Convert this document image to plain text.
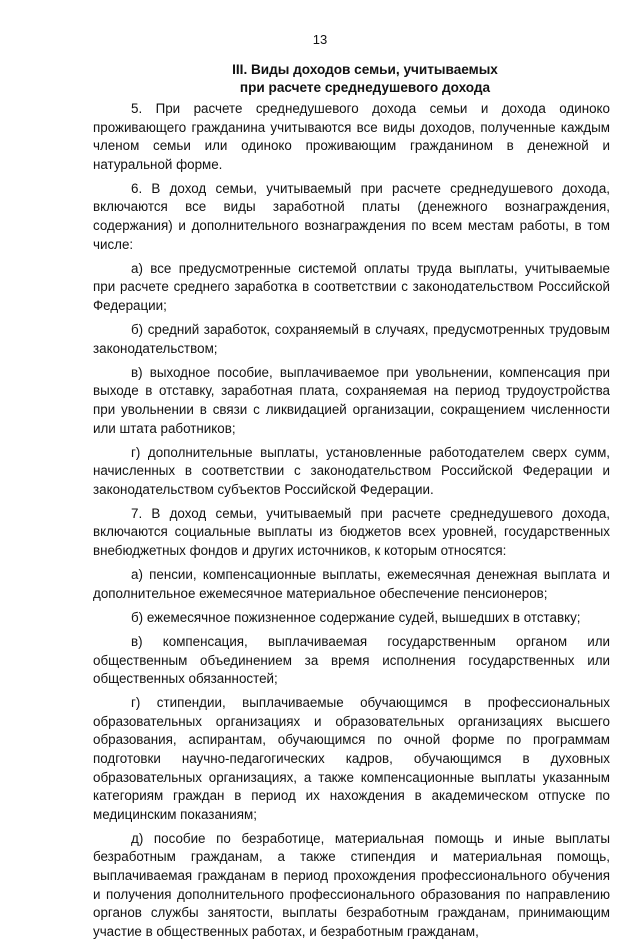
13
III. Виды доходов семьи, учитываемых
при расчете среднедушевого дохода

5. При расчете среднедушевого дохода семьи и дохода одиноко проживающего гражданина учитываются все виды доходов, полученные каждым членом семьи или одиноко проживающим гражданином в денежной и натуральной форме.

6. В доход семьи, учитываемый при расчете среднедушевого дохода, включаются все виды заработной платы (денежного вознаграждения, содержания) и дополнительного вознаграждения по всем местам работы, в том числе:

а) все предусмотренные системой оплаты труда выплаты, учитываемые при расчете среднего заработка в соответствии с законодательством Российской Федерации;

б) средний заработок, сохраняемый в случаях, предусмотренных трудовым законодательством;

в) выходное пособие, выплачиваемое при увольнении, компенсация при выходе в отставку, заработная плата, сохраняемая на период трудоустройства при увольнении в связи с ликвидацией организации, сокращением численности или штата работников;

г) дополнительные выплаты, установленные работодателем сверх сумм, начисленных в соответствии с законодательством Российской Федерации и законодательством субъектов Российской Федерации.

7. В доход семьи, учитываемый при расчете среднедушевого дохода, включаются социальные выплаты из бюджетов всех уровней, государственных внебюджетных фондов и других источников, к которым относятся:

а) пенсии, компенсационные выплаты, ежемесячная денежная выплата и дополнительное ежемесячное материальное обеспечение пенсионеров;

б) ежемесячное пожизненное содержание судей, вышедших в отставку;

в) компенсация, выплачиваемая государственным органом или общественным объединением за время исполнения государственных или общественных обязанностей;

г) стипендии, выплачиваемые обучающимся в профессиональных образовательных организациях и образовательных организациях высшего образования, аспирантам, обучающимся по очной форме по программам подготовки научно-педагогических кадров, обучающимся в духовных образовательных организациях, а также компенсационные выплаты указанным категориям граждан в период их нахождения в академическом отпуске по медицинским показаниям;

д) пособие по безработице, материальная помощь и иные выплаты безработным гражданам, а также стипендия и материальная помощь, выплачиваемая гражданам в период прохождения профессионального обучения и получения дополнительного профессионального образования по направлению органов службы занятости, выплаты безработным гражданам, принимающим участие в общественных работах, и безработным гражданам,
